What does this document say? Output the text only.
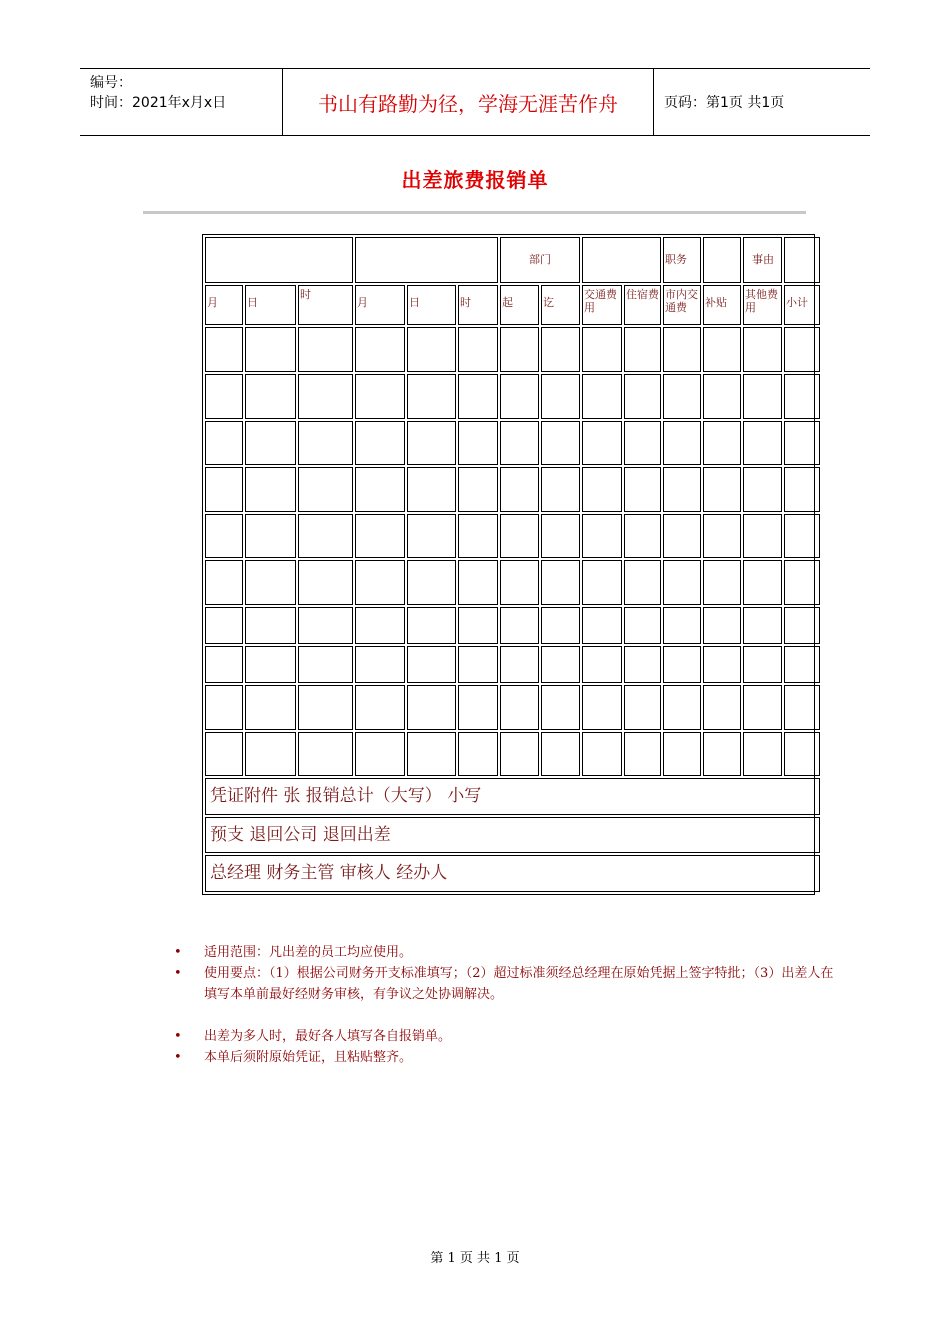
编号：
时间：2021年x月x日	书山有路勤为径，学海无涯苦作舟	页码：第1页 共1页
出差旅费报销单
						部门				职务		事由	
月	日	时	月	日	时	起	讫	交通费用	住宿费	市内交通费	补贴	其他费用	小计

凭证附件 张 报销总计（大写） 小写													
预支 退回公司 退回出差													
总经理 财务主管 审核人 经办人													
• 适用范围：凡出差的员工均应使用。
• 使用要点：（1）根据公司财务开支标准填写；（2）超过标准须经总经理在原始凭据上签字特批；（3）出差人在填写本单前最好经财务审核，有争议之处协调解决。
• 出差为多人时，最好各人填写各自报销单。
• 本单后须附原始凭证，且粘贴整齐。
第 1 页 共 1 页
